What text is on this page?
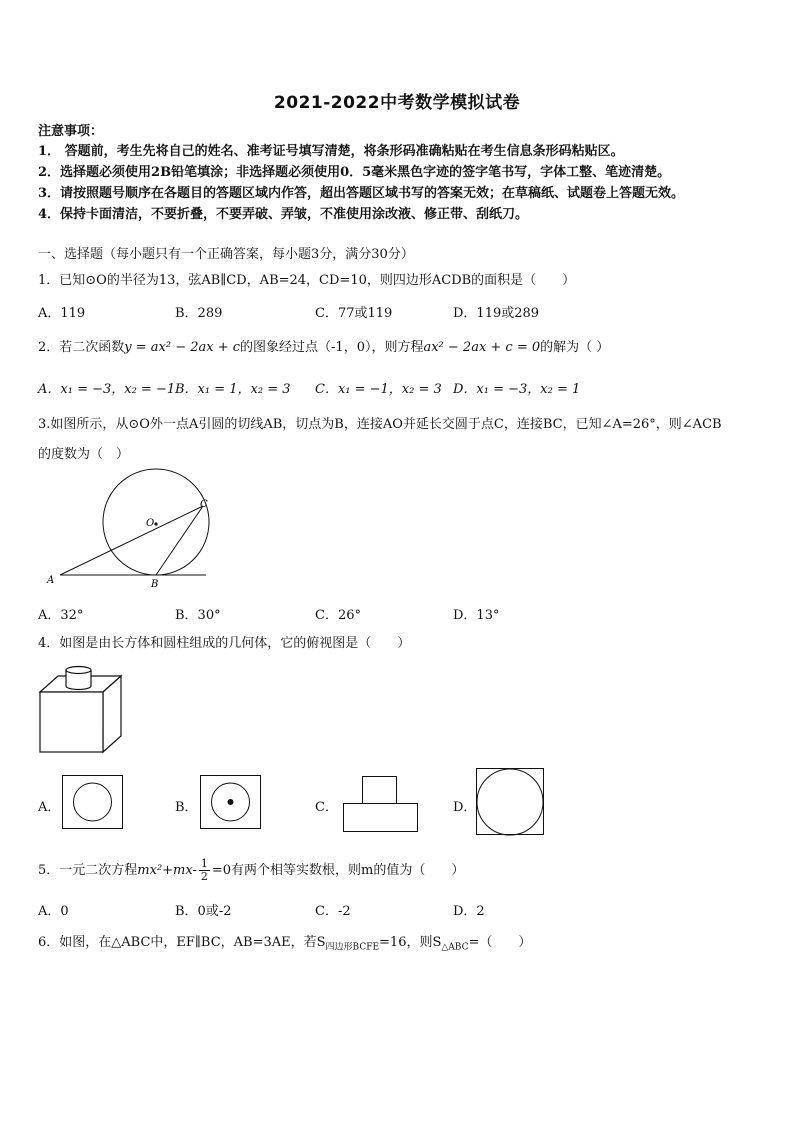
2021-2022中考数学模拟试卷
注意事项：
1． 答题前，考生先将自己的姓名、准考证号填写清楚，将条形码准确粘贴在考生信息条形码粘贴区。
2．选择题必须使用2B铅笔填涂；非选择题必须使用0．5毫米黑色字迹的签字笔书写，字体工整、笔迹清楚。
3．请按照题号顺序在各题目的答题区域内作答，超出答题区域书写的答案无效；在草稿纸、试题卷上答题无效。
4．保持卡面清洁，不要折叠，不要弄破、弄皱，不准使用涂改液、修正带、刮纸刀。
一、选择题（每小题只有一个正确答案，每小题3分，满分30分）
1．已知⊙O的半径为13，弦AB∥CD，AB=24，CD=10，则四边形ACDB的面积是（　　）
A．119	B．289	C．77或119	D．119或289
2．若二次函数y = ax² − 2ax + c的图象经过点（-1，0），则方程ax² − 2ax + c = 0的解为（ ）
A．x₁ = −3，x₂ = −1 B．x₁ = 1，x₂ = 3 C．x₁ = −1，x₂ = 3 D．x₁ = −3，x₂ = 1
3.如图所示，从⊙O外一点A引圆的切线AB，切点为B，连接AO并延长交圆于点C，连接BC，已知∠A=26°，则∠ACB
的度数为（　）
O
C
A	B
A．32°	B．30°	C．26°	D．13°
4．如图是由长方体和圆柱组成的几何体，它的俯视图是（　　）
A．	B．	C．	D．
5．一元二次方程$mx^2+mx- \frac{1}{2} =0$有两个相等实数根，则m的值为（　　）
A．0	B．0或-2	C．-2	D．2
6．如图，在△ABC中，EF∥BC，AB=3AE，若$S_{四边形BCFE}=16$，则$S_{\triangle ABC}=$（　　）
